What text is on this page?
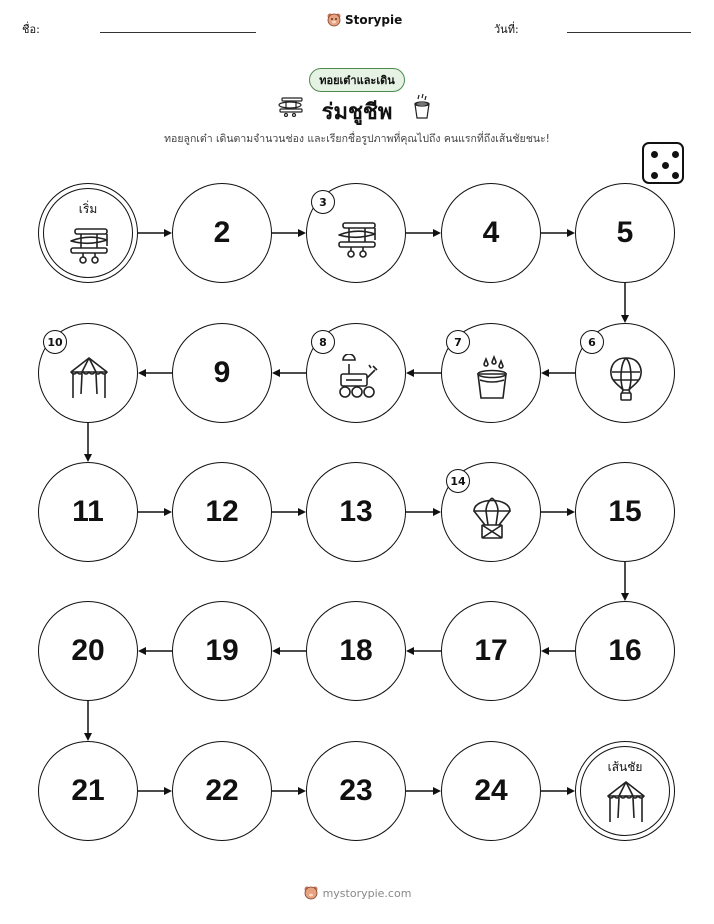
ชื่อ:
Storypie
วันที่:
ทอยเต๋าและเดิน
ร่มชูชีพ
ทอยลูกเต๋า เดินตามจำนวนช่อง และเรียกชื่อรูปภาพที่คุณไปถึง คนแรกที่ถึงเส้นชัยชนะ!
เริ่ม
2
3
4	5
6
7
8
9
10
11	12	13
14
15
16
17
18
19
20
21	22	23	24
เส้นชัย
mystorypie.com
